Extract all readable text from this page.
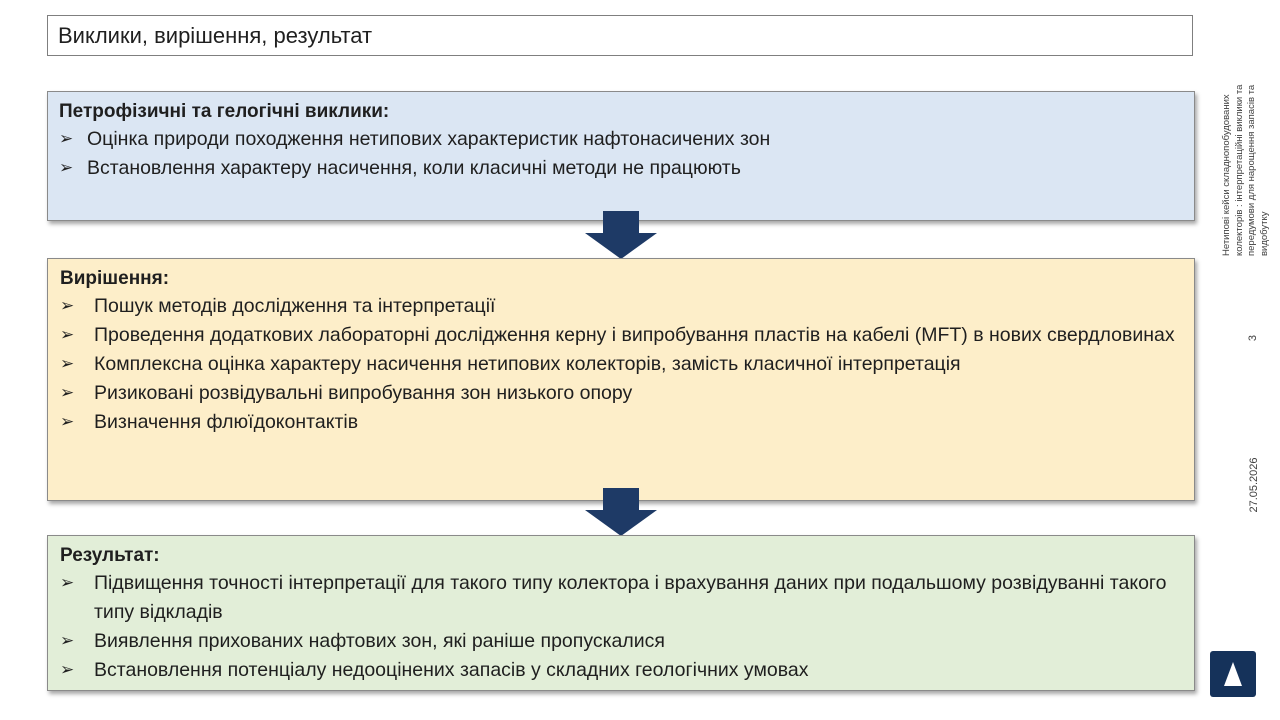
Виклики, вирішення, результат
Петрофізичні та гелогічні виклики:
➢ Оцінка природи походження нетипових характеристик нафтонасичених зон
➢ Встановлення характеру насичення, коли класичні методи не працюють
Вирішення:
➢ Пошук методів дослідження та інтерпретації
➢ Проведення додаткових лабораторні дослідження керну і випробування пластів на кабелі (MFT) в нових свердловинах
➢ Комплексна оцінка характеру насичення нетипових колекторів, замість класичної інтерпретація
➢ Ризиковані розвідувальні випробування зон низького опору
➢ Визначення флюїдоконтактів
Результат:
➢ Підвищення точності інтерпретації для такого типу колектора і врахування даних при подальшому розвідуванні такого типу відкладів
➢ Виявлення прихованих нафтових зон, які раніше пропускалися
➢ Встановлення потенціалу недооцінених запасів у складних геологічних умовах
Нетипові кейси складнопобудованих колекторів : інтерпретаційні виклики та передумови для нарощення запасів та видобутку
3
27.05.2026
